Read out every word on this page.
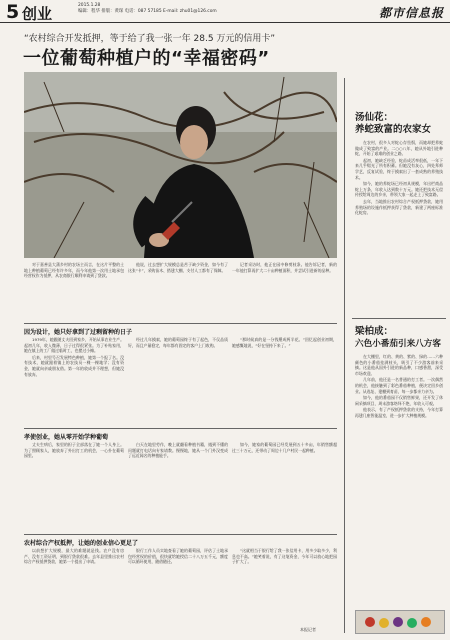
5 创业	2015.1.28
编辑：程华 排版：黄琛 电话：087 57185 E-mail: zhu01@126.com	都市信息报
“农村综合开发抵押，等于给了我一张一年 28.5 万元的信用卡”
一位葡萄种植户的“幸福密码”

对于嘉善县大蒲乡村的农场主而言，在这片平整的土地上种植葡萄已经有许多年，而今年他第一次用土地承包经营权作为抵押，从农商银行顺利申请到了贷款。

他说，过去想扩大规模总是苦于缺少资金，如今有了这张“卡”，采购苗木、搭建大棚、支付人工都有了保障。

记者采访时，他正在园中修剪枝条。他告诉记者，新的一年他打算再扩大二十亩种植面积，并尝试引进新的品种。

因为设计，她只好拿到了过剩留种的日子

1979年，她跟随丈夫回到家乡，开始从事农业生产。起初几年，收入微薄，日子过得很紧张。为了补贴家用，她在镇上的工厂做过临时工，也摆过小摊。

后来，村里号召发展特色种植，她第一个报了名。没有技术，她就跟着镇上的农技员一棵一棵地学；没有资金，她就向亲戚朋友借。第一年的收成并不理想，但她没有放弃。

经过几年摸索，她的葡萄园终于有了起色，不仅品质好，而且产量稳定，每年都有固定的客户上门收购。

“那时候真的是一分钱掰成两半花。”回忆起创业初期，她感慨地说，“好在坚持下来了。”

孝使创业，她从零开始学种葡萄

丈夫生病后，家里的担子全部落在了她一个人身上。为了照顾家人，她放弃了外出打工的机会，一心扑在葡萄园里。

白天在地里劳作，晚上就翻看种植书籍，遇到不懂的问题就打电话向专家请教。慢慢地，她从一个门外汉变成了远近闻名的种植能手。

如今，她家的葡萄园已经发展到五十多亩，年销售额超过三十万元，还带动了周边十几户村民一起种植。

农村综合产权抵押，让她的创业信心更足了

以前想扩大规模，最大的难题就是钱。农户没有房产、没有工资证明，到银行贷款很难。去年县里推出农村综合产权抵押贷款，她第一个提出了申请。

银行工作人员实地查看了她的葡萄园，评估了土地承包经营权的价值，很快就给她授信二十八万五千元，额度可以循环使用，随借随还。

“这就相当于银行给了我一张信用卡，用多少取多少，利息也不高。”她笑着说，有了这笔资金，今年可以放心地把园子扩大了。

本报记者
汤仙花：
养蛇致富的农家女

在农村，很多人对蛇心存畏惧，而她却把养蛇做成了致富的产业。二○○八年，她从外地引进种蛇，开始了艰难的创业之路。

起初，她缺乏经验，蛇苗成活率很低，一年下来几乎赔光了所有积蓄。但她没有灰心，四处拜师学艺，反复试验，终于摸索出了一套成熟的养殖技术。

如今，她的养蛇场已经初具规模，年出栏商品蛇上万条，年收入达到数十万元。她还把技术无偿传授给周边的乡亲，带领大家一起走上了致富路。

去年，当地推出农村综合产权抵押贷款，她用养殖场的设施作抵押获得了贷款，新建了两座标准化蛇房。

梁柏成：
六色小番茄引来八方客

在大棚里，红的、黄的、紫的、绿的……六种颜色的小番茄挂满枝头，吸引了不少游客前来采摘。这是他从国外引进的新品种，口感香甜，深受市场欢迎。

几年前，他还是一名普通的打工者。一次偶然的机会，他接触到了彩色番茄种植，便决定回乡创业。从选址、建棚到育苗，每一步都亲力亲为。

如今，他的番茄园不仅销售鲜果，还开发了休闲采摘项目，周末游客络绎不绝，年收入可观。

他表示，有了产权抵押贷款的支持，今年打算再建几座智能温室，进一步扩大种植规模。
